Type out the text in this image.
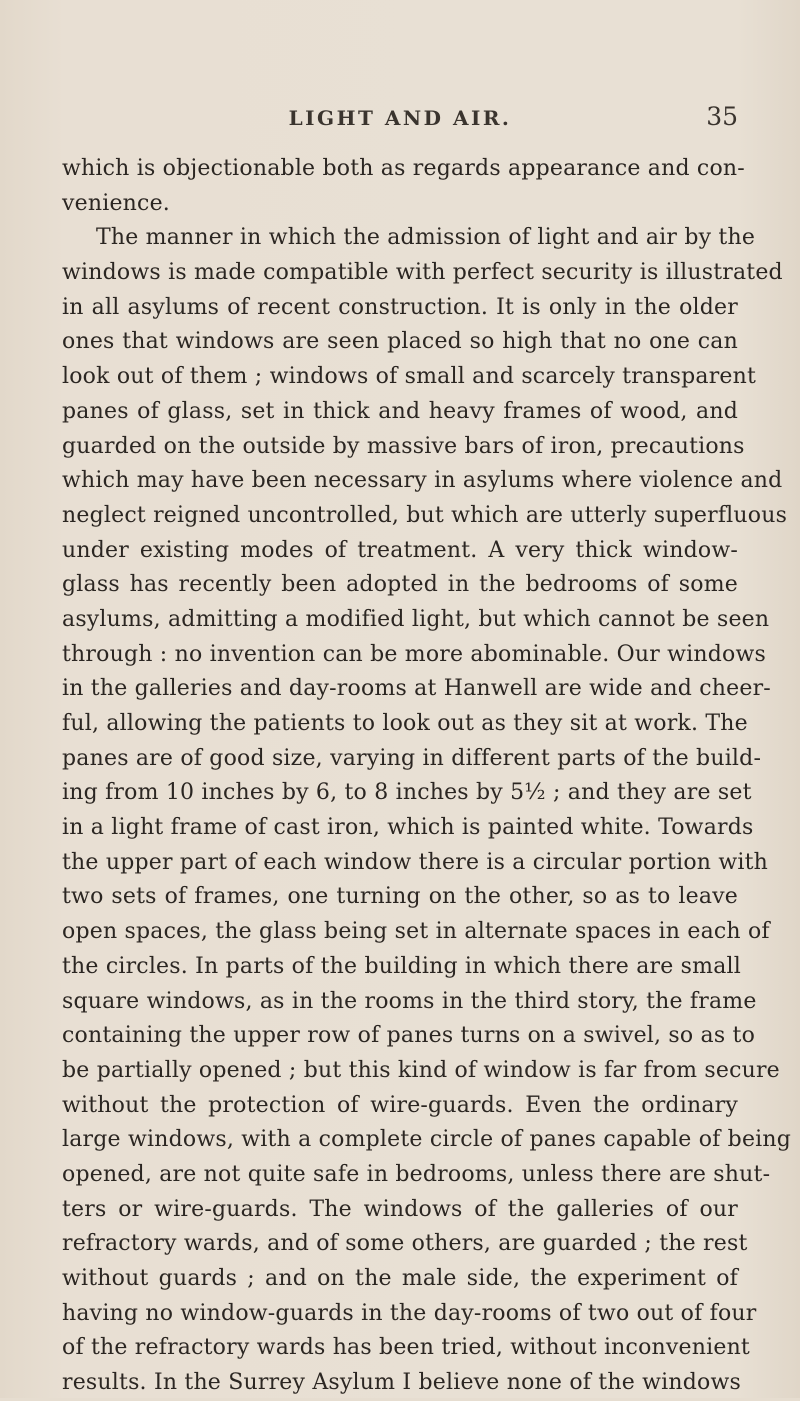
LIGHT AND AIR.	35
which is objectionable both as regards appearance and con-
venience.
The manner in which the admission of light and air by the
windows is made compatible with perfect security is illustrated
in all asylums of recent construction. It is only in the older
ones that windows are seen placed so high that no one can
look out of them ; windows of small and scarcely transparent
panes of glass, set in thick and heavy frames of wood, and
guarded on the outside by massive bars of iron, precautions
which may have been necessary in asylums where violence and
neglect reigned uncontrolled, but which are utterly superfluous
under existing modes of treatment. A very thick window-
glass has recently been adopted in the bedrooms of some
asylums, admitting a modified light, but which cannot be seen
through : no invention can be more abominable. Our windows
in the galleries and day-rooms at Hanwell are wide and cheer-
ful, allowing the patients to look out as they sit at work. The
panes are of good size, varying in different parts of the build-
ing from 10 inches by 6, to 8 inches by 5½ ; and they are set
in a light frame of cast iron, which is painted white. Towards
the upper part of each window there is a circular portion with
two sets of frames, one turning on the other, so as to leave
open spaces, the glass being set in alternate spaces in each of
the circles. In parts of the building in which there are small
square windows, as in the rooms in the third story, the frame
containing the upper row of panes turns on a swivel, so as to
be partially opened ; but this kind of window is far from secure
without the protection of wire-guards. Even the ordinary
large windows, with a complete circle of panes capable of being
opened, are not quite safe in bedrooms, unless there are shut-
ters or wire-guards. The windows of the galleries of our
refractory wards, and of some others, are guarded ; the rest
without guards ; and on the male side, the experiment of
having no window-guards in the day-rooms of two out of four
of the refractory wards has been tried, without inconvenient
results. In the Surrey Asylum I believe none of the windows
